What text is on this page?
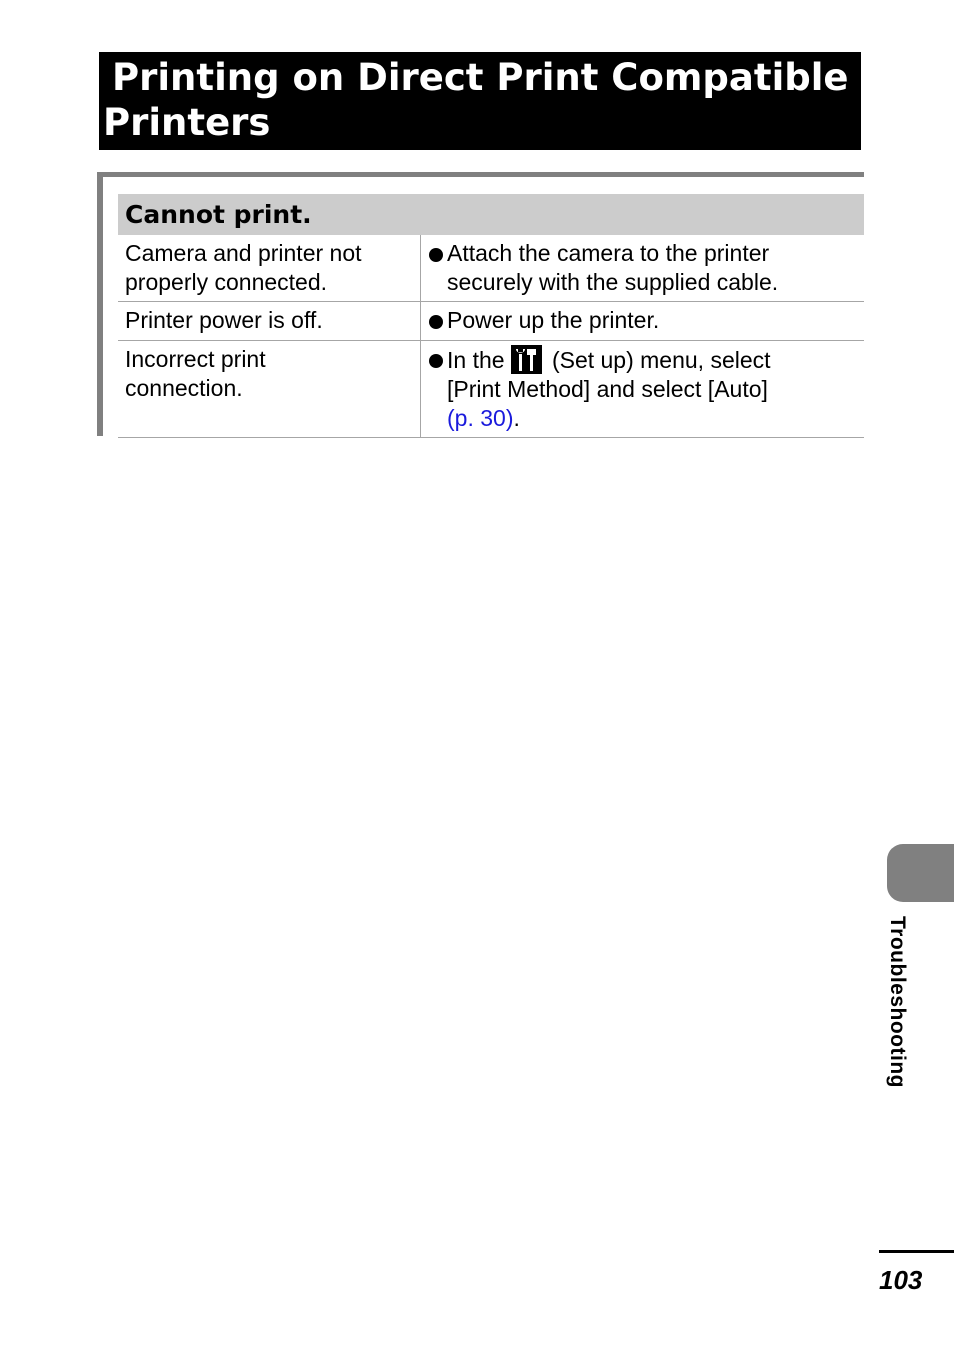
Printing on Direct Print Compatible
Printers
Cannot print.
Camera and printer not
properly connected.
Attach the camera to the printer
securely with the supplied cable.
Printer power is off.	Power up the printer.
Incorrect print
connection.
In the (Set up) menu, select
[Print Method] and select [Auto]
(p. 30).
Troubleshooting
103
